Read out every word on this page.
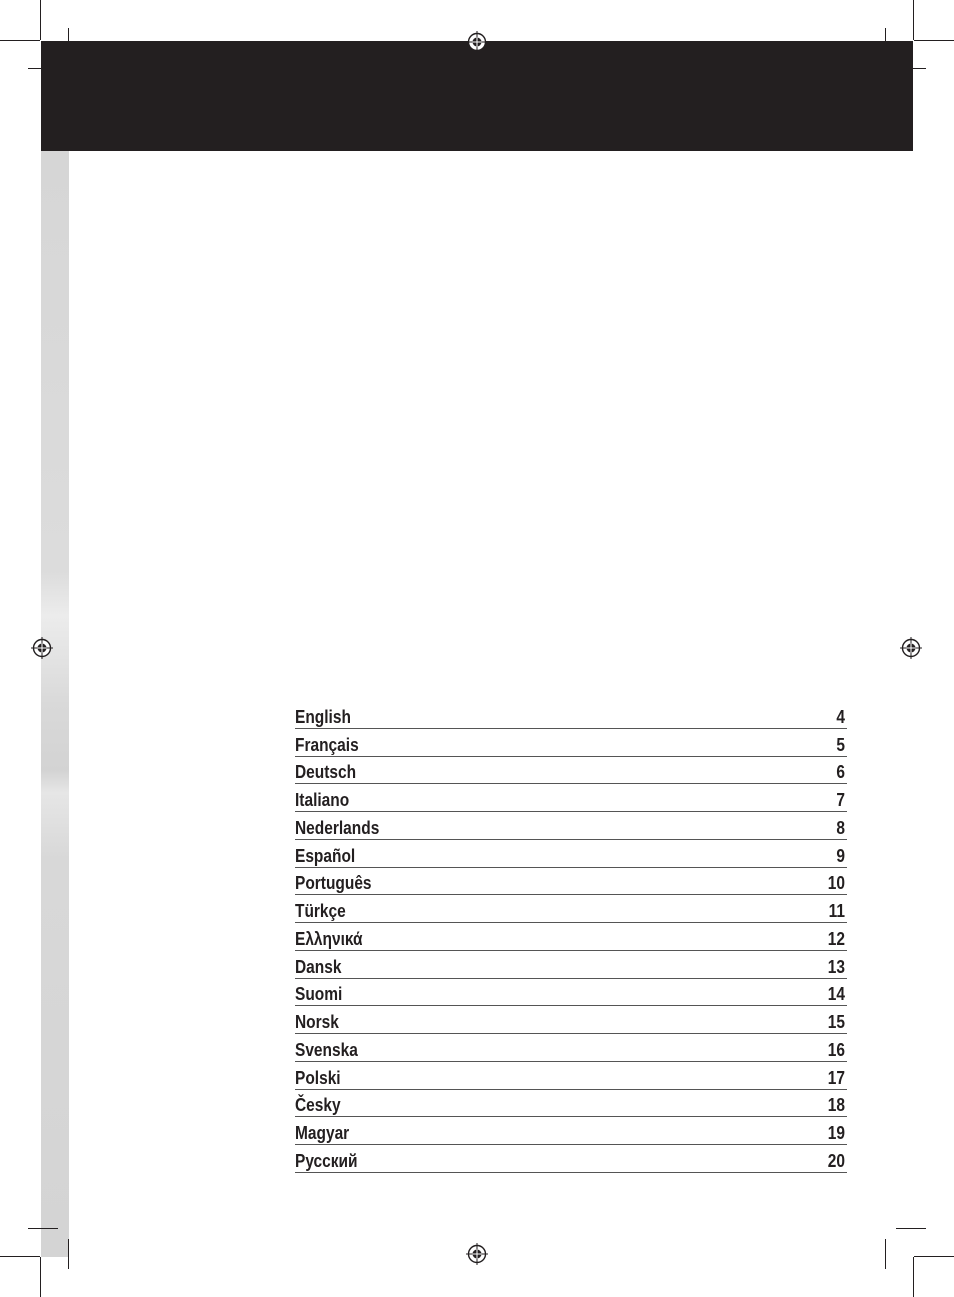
English	4
Français	5
Deutsch	6
Italiano	7
Nederlands	8
Español	9
Português	10
Türkçe	11
Ελληνικά	12
Dansk	13
Suomi	14
Norsk	15
Svenska	16
Polski	17
Česky	18
Magyar	19
Русский	20
